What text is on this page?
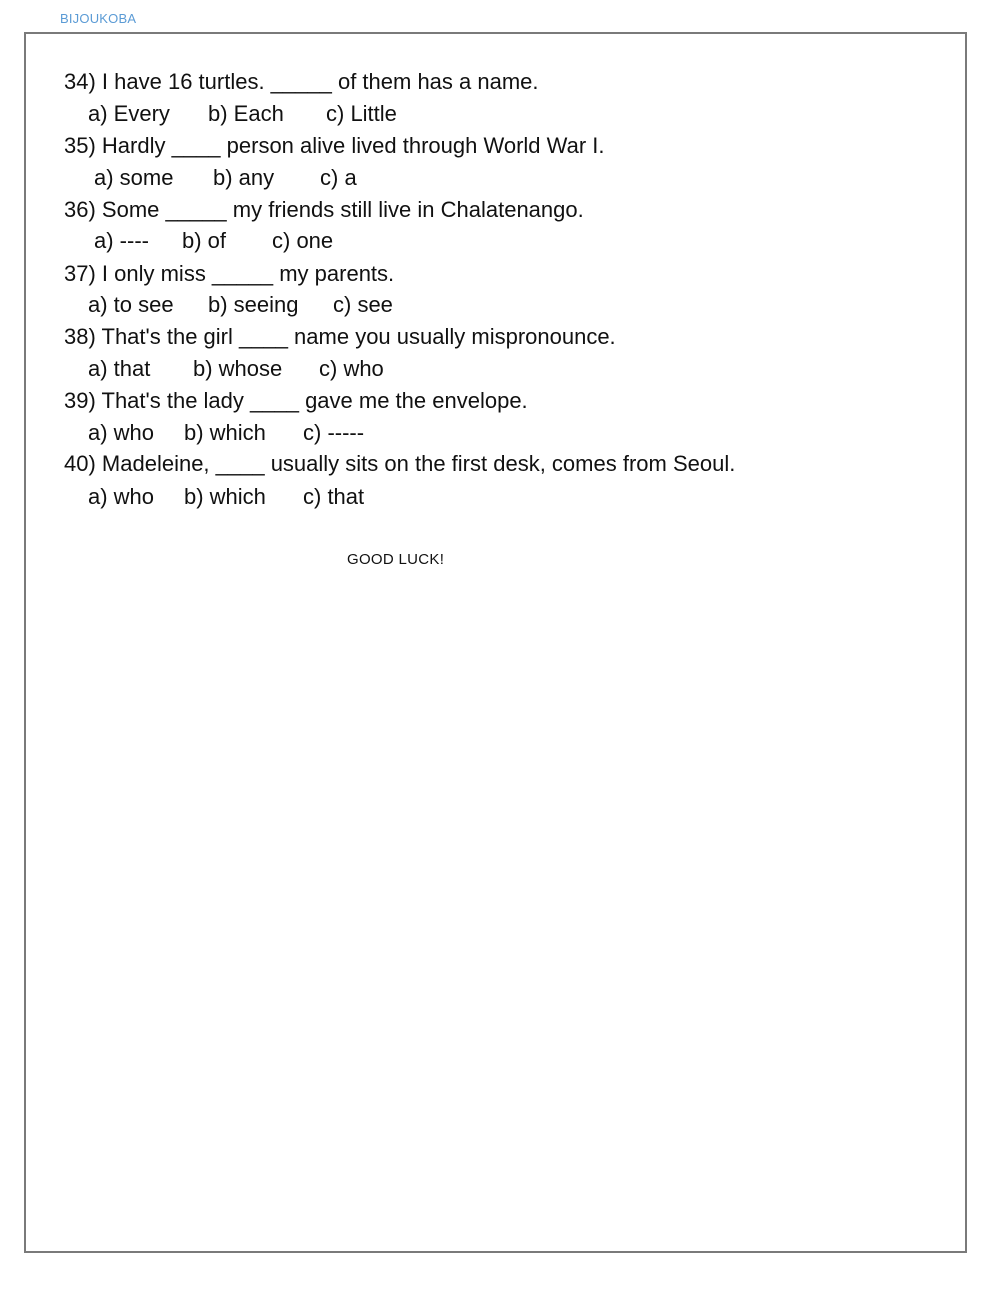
BIJOUKOBA
34) I have 16 turtles. _____ of them has a name.
a) Every b) Each c) Little
35) Hardly ____ person alive lived through World War I.
a) some b) any c) a
36) Some _____ my friends still live in Chalatenango.
a) ---- b) of c) one
37) I only miss _____ my parents.
a) to see b) seeing c) see
38) That's the girl ____ name you usually mispronounce.
a) that b) whose c) who
39) That's the lady ____ gave me the envelope.
a) who b) which c) -----
40) Madeleine, ____ usually sits on the first desk, comes from Seoul.
a) who b) which c) that
GOOD LUCK!
